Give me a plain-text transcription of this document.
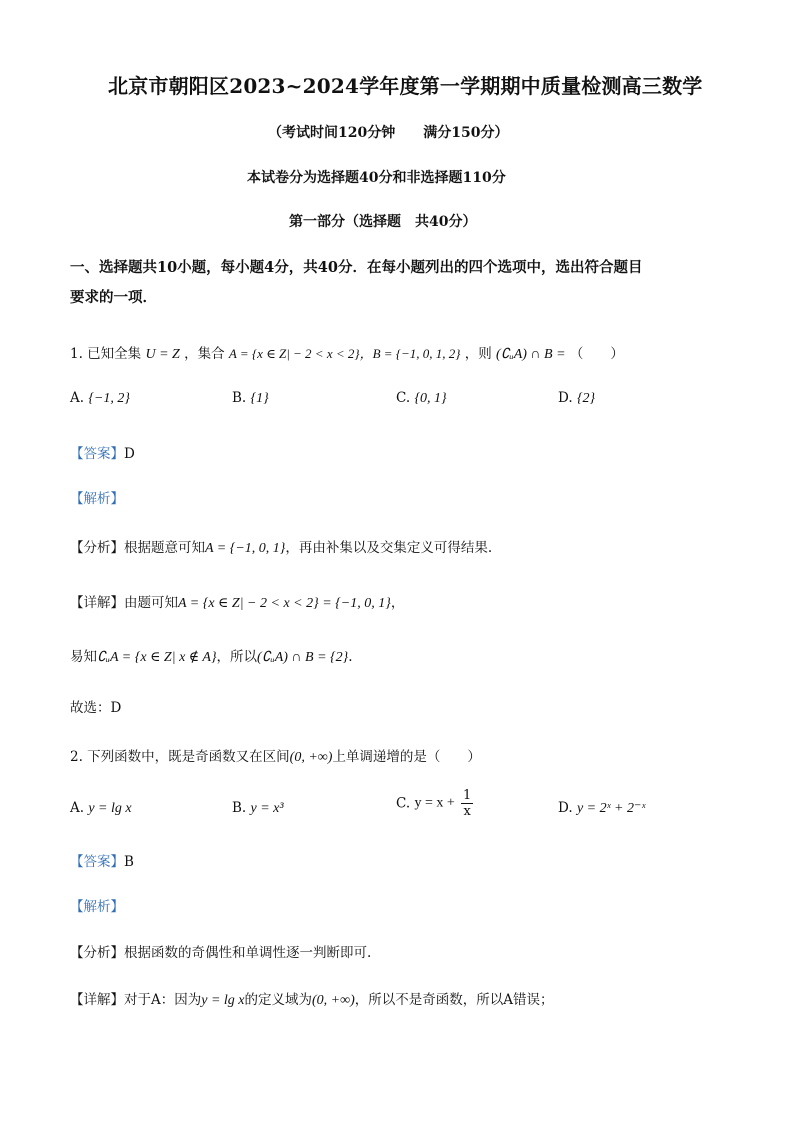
北京市朝阳区2023~2024学年度第一学期期中质量检测高三数学
（考试时间120分钟　　满分150分）
本试卷分为选择题40分和非选择题110分
第一部分（选择题　共40分）
一、选择题共10小题，每小题4分，共40分．在每小题列出的四个选项中，选出符合题目
要求的一项．
1. 已知全集 U = Z ，集合 A = {x ∈ Z| − 2 < x < 2}，B = {−1, 0, 1, 2} ，则 (∁ᵤA) ∩ B = （　　）
A. {−1, 2}	B. {1}	C. {0, 1}	D. {2}
【答案】D
【解析】
【分析】根据题意可知A = {−1, 0, 1}，再由补集以及交集定义可得结果.
【详解】由题可知A = {x ∈ Z| − 2 < x < 2} = {−1, 0, 1}，
易知∁ᵤA = {x ∈ Z| x ∉ A}，所以(∁ᵤA) ∩ B = {2}.
故选：D
2. 下列函数中，既是奇函数又在区间(0, +∞)上单调递增的是（　　）
A. y = lg x	B. y = x³	C. $y = x + \frac{1}{x}$	D. y = 2ˣ + 2⁻ˣ
【答案】B
【解析】
【分析】根据函数的奇偶性和单调性逐一判断即可.
【详解】对于A：因为y = lg x的定义域为(0, +∞)，所以不是奇函数，所以A错误；
